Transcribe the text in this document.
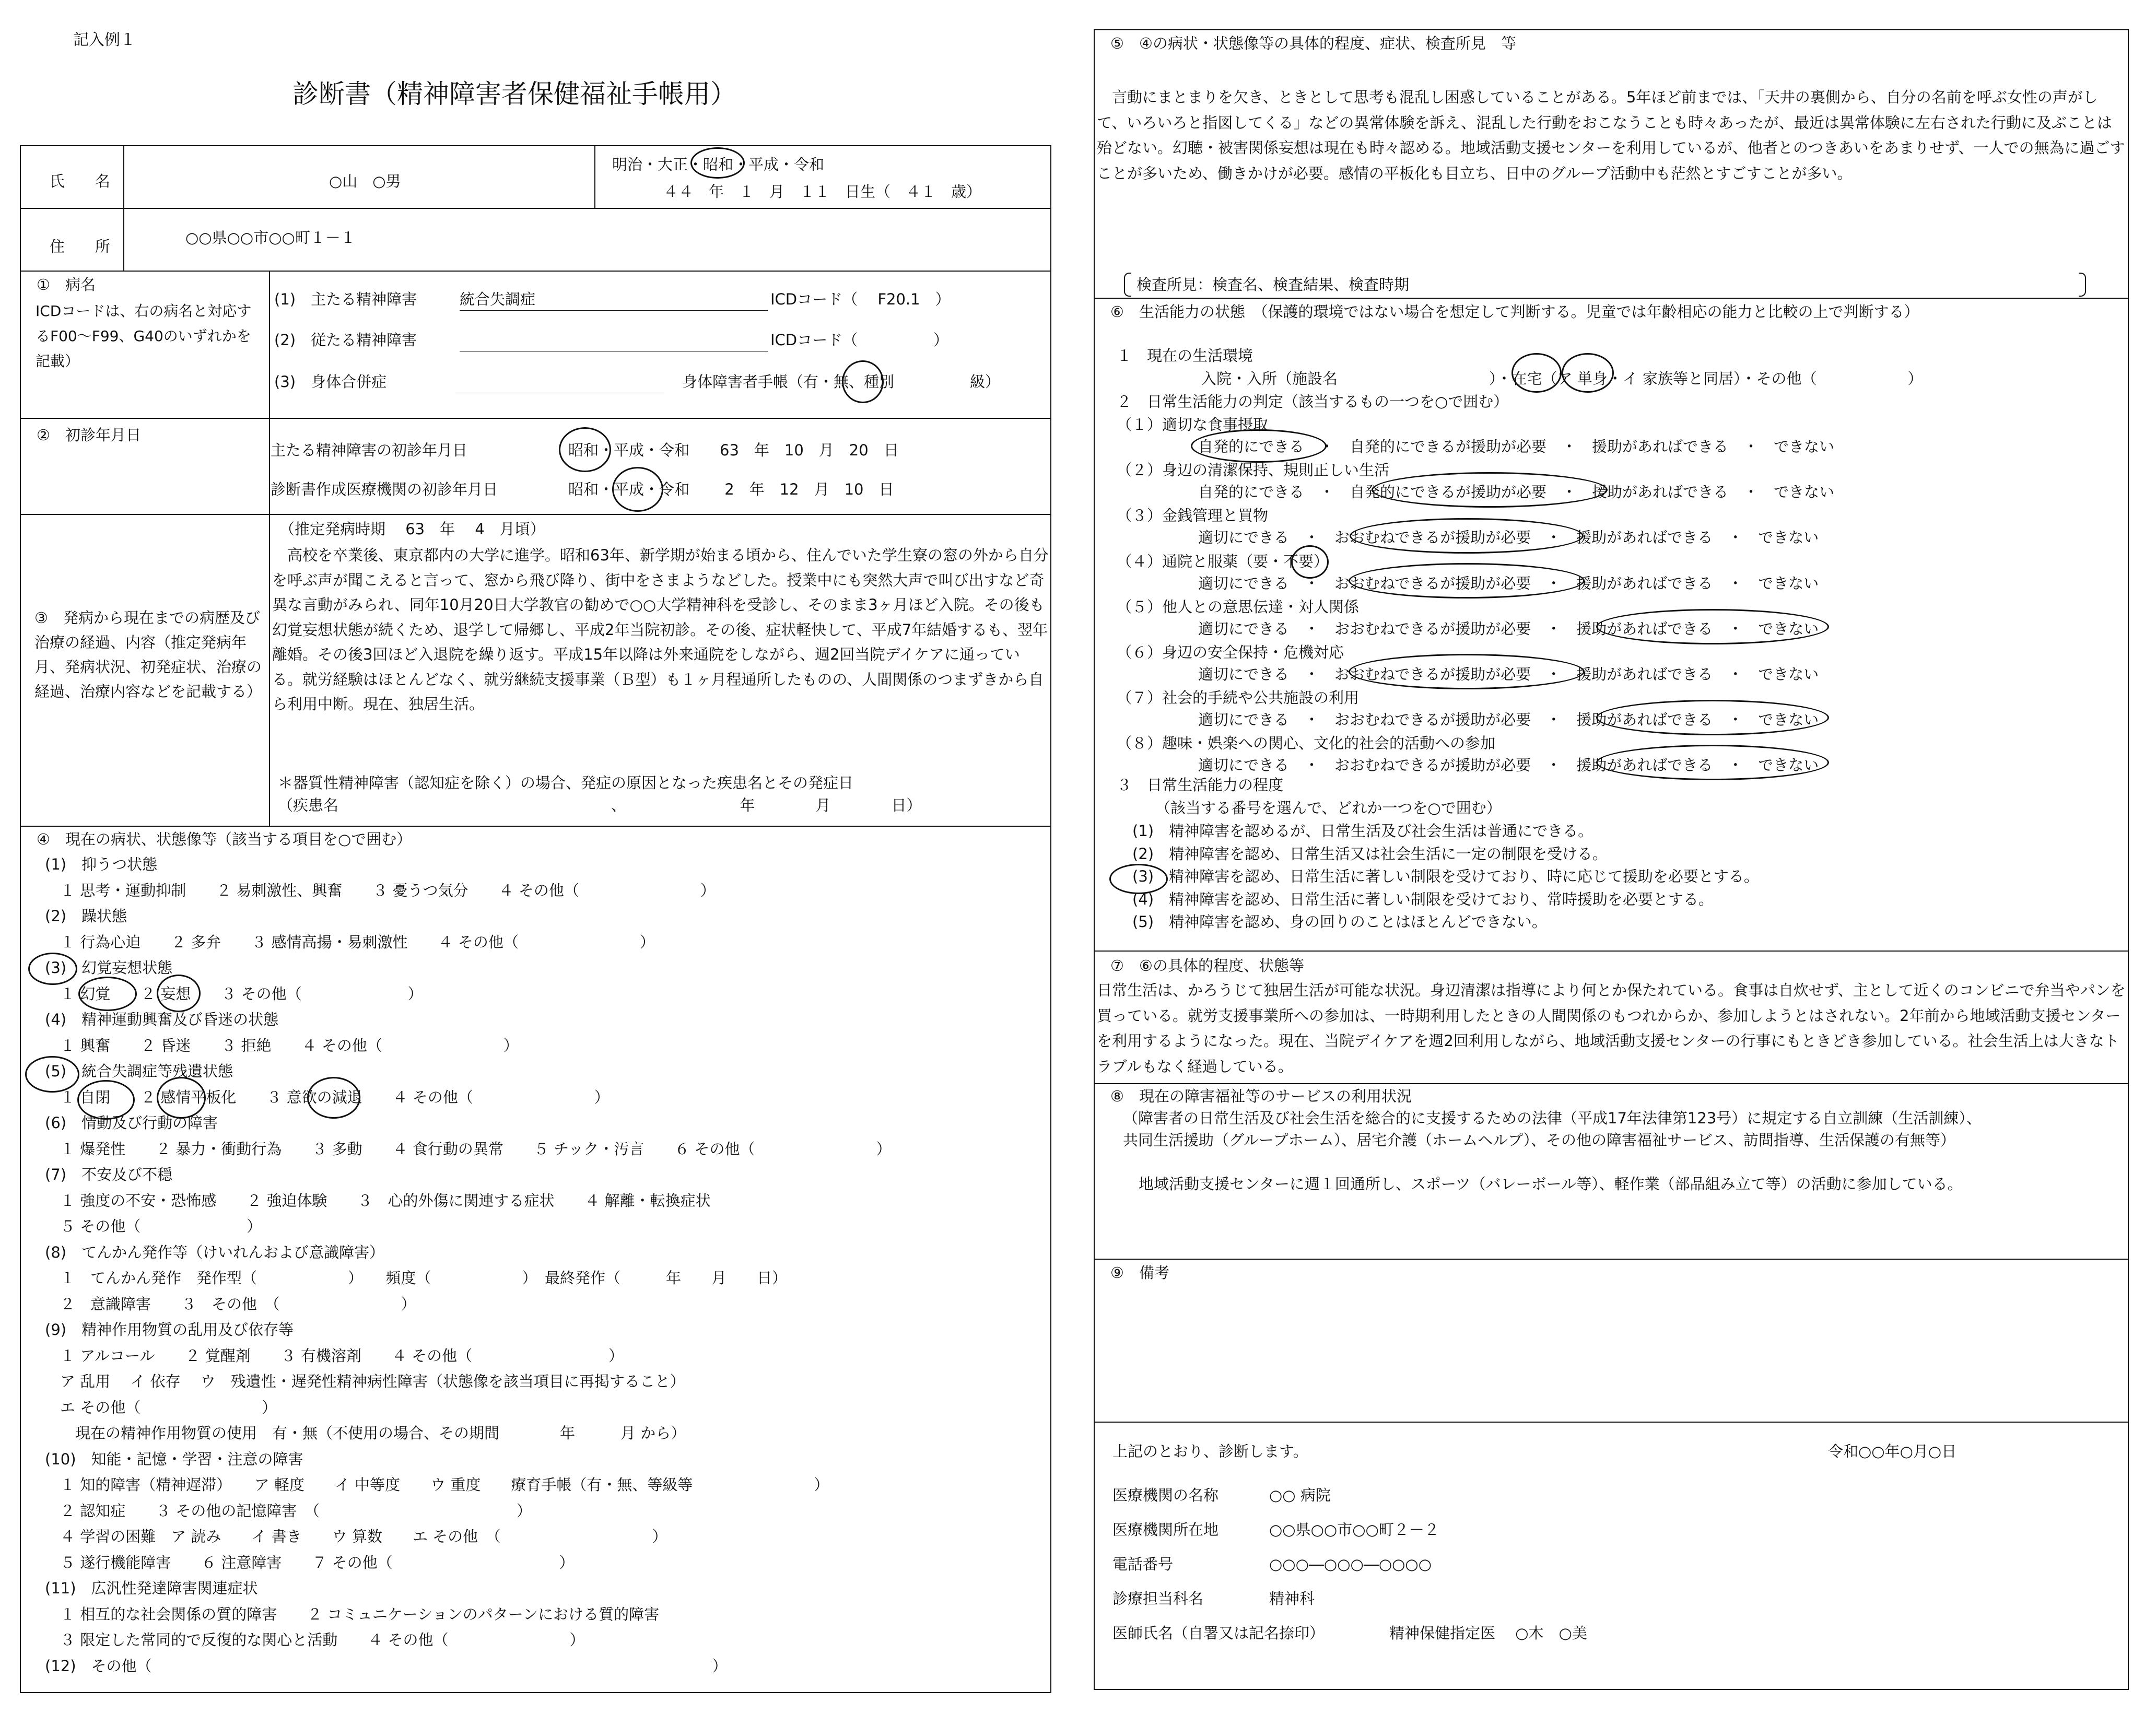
記入例１
診断書（精神障害者保健福祉手帳用）
氏　　名	○山　○男
明治・大正・昭和・平成・令和
４４　年　１　月　１１　日生（　４１　歳）
住　　所	○○県○○市○○町１－１
①　病名
ICDコードは、右の病名と対応するF00～F99、G40のいずれかを記載）
(1)　主たる精神障害	統合失調症	ICDコード（　 F20.1　）
(2)　従たる精神障害	ICDコード（　　　　　）
(3)　身体合併症	身体障害者手帳（有・無、種別　　　　　級）
②　初診年月日
主たる精神障害の初診年月日	昭和・平成・令和　　63　年　10　月　20　日
診断書作成医療機関の初診年月日	昭和・平成・令和　　 2　年　12　月　10　日
③　発病から現在までの病歴及び治療の経過、内容（推定発病年月、発病状況、初発症状、治療の経過、治療内容などを記載する）
（推定発病時期　 63　年　 4　月頃）
　高校を卒業後、東京都内の大学に進学。昭和63年、新学期が始まる頃から、住んでいた学生寮の窓の外から自分を呼ぶ声が聞こえると言って、窓から飛び降り、街中をさまようなどした。授業中にも突然大声で叫び出すなど奇異な言動がみられ、同年10月20日大学教官の勧めで○○大学精神科を受診し、そのまま3ヶ月ほど入院。その後も幻覚妄想状態が続くため、退学して帰郷し、平成2年当院初診。その後、症状軽快して、平成7年結婚するも、翌年離婚。その後3回ほど入退院を繰り返す。平成15年以降は外来通院をしながら、週2回当院デイケアに通っている。就労経験はほとんどなく、就労継続支援事業（Ｂ型）も１ヶ月程通所したものの、人間関係のつまずきから自ら利用中断。現在、独居生活。
＊器質性精神障害（認知症を除く）の場合、発症の原因となった疾患名とその発症日
（疾患名　　　　　　　　　　　　　　　　　　、　　　　　　　　年　　　　月　　　　日）
④　現在の病状、状態像等（該当する項目を○で囲む）
(1)　抑うつ状態
　１ 思考・運動抑制　　２ 易刺激性、興奮　　３ 憂うつ気分　　４ その他（　　　　　　　　）
(2)　躁状態
　１ 行為心迫　　２ 多弁　　３ 感情高揚・易刺激性　　４ その他（　　　　　　　　）
(3)　幻覚妄想状態
　１ 幻覚　　２ 妄想　　３ その他（　　　　　　　）
(4)　精神運動興奮及び昏迷の状態
　１ 興奮　　２ 昏迷　　３ 拒絶　　４ その他（　　　　　　　　）
(5)　統合失調症等残遺状態
　１ 自閉　　２ 感情平板化　　３ 意欲の減退　　４ その他（　　　　　　　　）
(6)　情動及び行動の障害
　１ 爆発性　　２ 暴力・衝動行為　　３ 多動　　４ 食行動の異常　　５ チック・汚言　　６ その他（　　　　　　　　）
(7)　不安及び不穏
　１ 強度の不安・恐怖感　　２ 強迫体験　　３　心的外傷に関連する症状　　４ 解離・転換症状
　５ その他（　　　　　　　）
(8)　てんかん発作等（けいれんおよび意識障害）
　１　てんかん発作　発作型（　　　　　　）　　頻度（　　　　　　）　最終発作（　　　年　　月　　日）
　２　意識障害　　３　その他　（　　　　　　　　）
(9)　精神作用物質の乱用及び依存等
　１ アルコール　　２ 覚醒剤　　３ 有機溶剤　　４ その他（　　　　　　　　　）
　ア 乱用　 イ 依存　 ウ　残遺性・遅発性精神病性障害（状態像を該当項目に再掲すること）
　エ その他（　　　　　　　　）
　　現在の精神作用物質の使用　有・無（不使用の場合、その期間　　　　年　　　月 から）
(10)　知能・記憶・学習・注意の障害
　１ 知的障害（精神遅滞）　　ア 軽度　　イ 中等度　　ウ 重度　　療育手帳（有・無、等級等　　　　　　　　）
　２ 認知症　　３ その他の記憶障害　（　　　　　　　　　　　　　）
　４ 学習の困難　ア 読み　　イ 書き　　ウ 算数　　エ その他　（　　　　　　　　　　）
　５ 遂行機能障害　　６ 注意障害　　７ その他（　　　　　　　　　　　）
(11)　広汎性発達障害関連症状
　１ 相互的な社会関係の質的障害　　２ コミュニケーションのパターンにおける質的障害
　３ 限定した常同的で反復的な関心と活動　　４ その他（　　　　　　　　）
(12)　その他（　　　　　　　　　　　　　　　　　　　　　　　　　　　　　　　　　　　　　）
⑤　④の病状・状態像等の具体的程度、症状、検査所見　等
　言動にまとまりを欠き、ときとして思考も混乱し困惑していることがある。5年ほど前までは、「天井の裏側から、自分の名前を呼ぶ女性の声がして、いろいろと指図してくる」などの異常体験を訴え、混乱した行動をおこなうことも時々あったが、最近は異常体験に左右された行動に及ぶことは殆どない。幻聴・被害関係妄想は現在も時々認める。地域活動支援センターを利用しているが、他者とのつきあいをあまりせず、一人での無為に過ごすことが多いため、働きかけが必要。感情の平板化も目立ち、日中のグループ活動中も茫然とすごすことが多い。
検査所見：検査名、検査結果、検査時期
⑥　生活能力の状態　（保護的環境ではない場合を想定して判断する。児童では年齢相応の能力と比較の上で判断する）
１　現在の生活環境
入院・入所（施設名　　　　　　　　　　）・在宅（ア 単身・イ 家族等と同居）・その他（　　　　　　）
２　日常生活能力の判定（該当するもの一つを○で囲む）
（１）適切な食事摂取
自発的にできる　・　自発的にできるが援助が必要　・　援助があればできる　・　できない
（２）身辺の清潔保持、規則正しい生活
自発的にできる　・　自発的にできるが援助が必要　・　援助があればできる　・　できない
（３）金銭管理と買物
適切にできる　・　おおむねできるが援助が必要　・　援助があればできる　・　できない
（４）通院と服薬（要・不要）
適切にできる　・　おおむねできるが援助が必要　・　援助があればできる　・　できない
（５）他人との意思伝達・対人関係
適切にできる　・　おおむねできるが援助が必要　・　援助があればできる　・　できない
（６）身辺の安全保持・危機対応
適切にできる　・　おおむねできるが援助が必要　・　援助があればできる　・　できない
（７）社会的手続や公共施設の利用
適切にできる　・　おおむねできるが援助が必要　・　援助があればできる　・　できない
（８）趣味・娯楽への関心、文化的社会的活動への参加
適切にできる　・　おおむねできるが援助が必要　・　援助があればできる　・　できない
３　日常生活能力の程度
（該当する番号を選んで、どれか一つを○で囲む）
(1)　精神障害を認めるが、日常生活及び社会生活は普通にできる。
(2)　精神障害を認め、日常生活又は社会生活に一定の制限を受ける。
(3)　精神障害を認め、日常生活に著しい制限を受けており、時に応じて援助を必要とする。
(4)　精神障害を認め、日常生活に著しい制限を受けており、常時援助を必要とする。
(5)　精神障害を認め、身の回りのことはほとんどできない。
⑦　⑥の具体的程度、状態等
日常生活は、かろうじて独居生活が可能な状況。身辺清潔は指導により何とか保たれている。食事は自炊せず、主として近くのコンビニで弁当やパンを買っている。就労支援事業所への参加は、一時期利用したときの人間関係のもつれからか、参加しようとはされない。2年前から地域活動支援センターを利用するようになった。現在、当院デイケアを週2回利用しながら、地域活動支援センターの行事にもときどき参加している。社会生活上は大きなトラブルもなく経過している。
⑧　現在の障害福祉等のサービスの利用状況
（障害者の日常生活及び社会生活を総合的に支援するための法律（平成17年法律第123号）に規定する自立訓練（生活訓練）、
共同生活援助（グループホーム）、居宅介護（ホームヘルプ）、その他の障害福祉サービス、訪問指導、生活保護の有無等）
地域活動支援センターに週１回通所し、スポーツ（バレーボール等）、軽作業（部品組み立て等）の活動に参加している。
⑨　備考
上記のとおり、診断します。	令和○○年○月○日
医療機関の名称	○○ 病院
医療機関所在地	○○県○○市○○町２－２
電話番号	○○○―○○○―○○○○
診療担当科名	精神科
医師氏名（自署又は記名捺印）	精神保健指定医　 ○木　○美
